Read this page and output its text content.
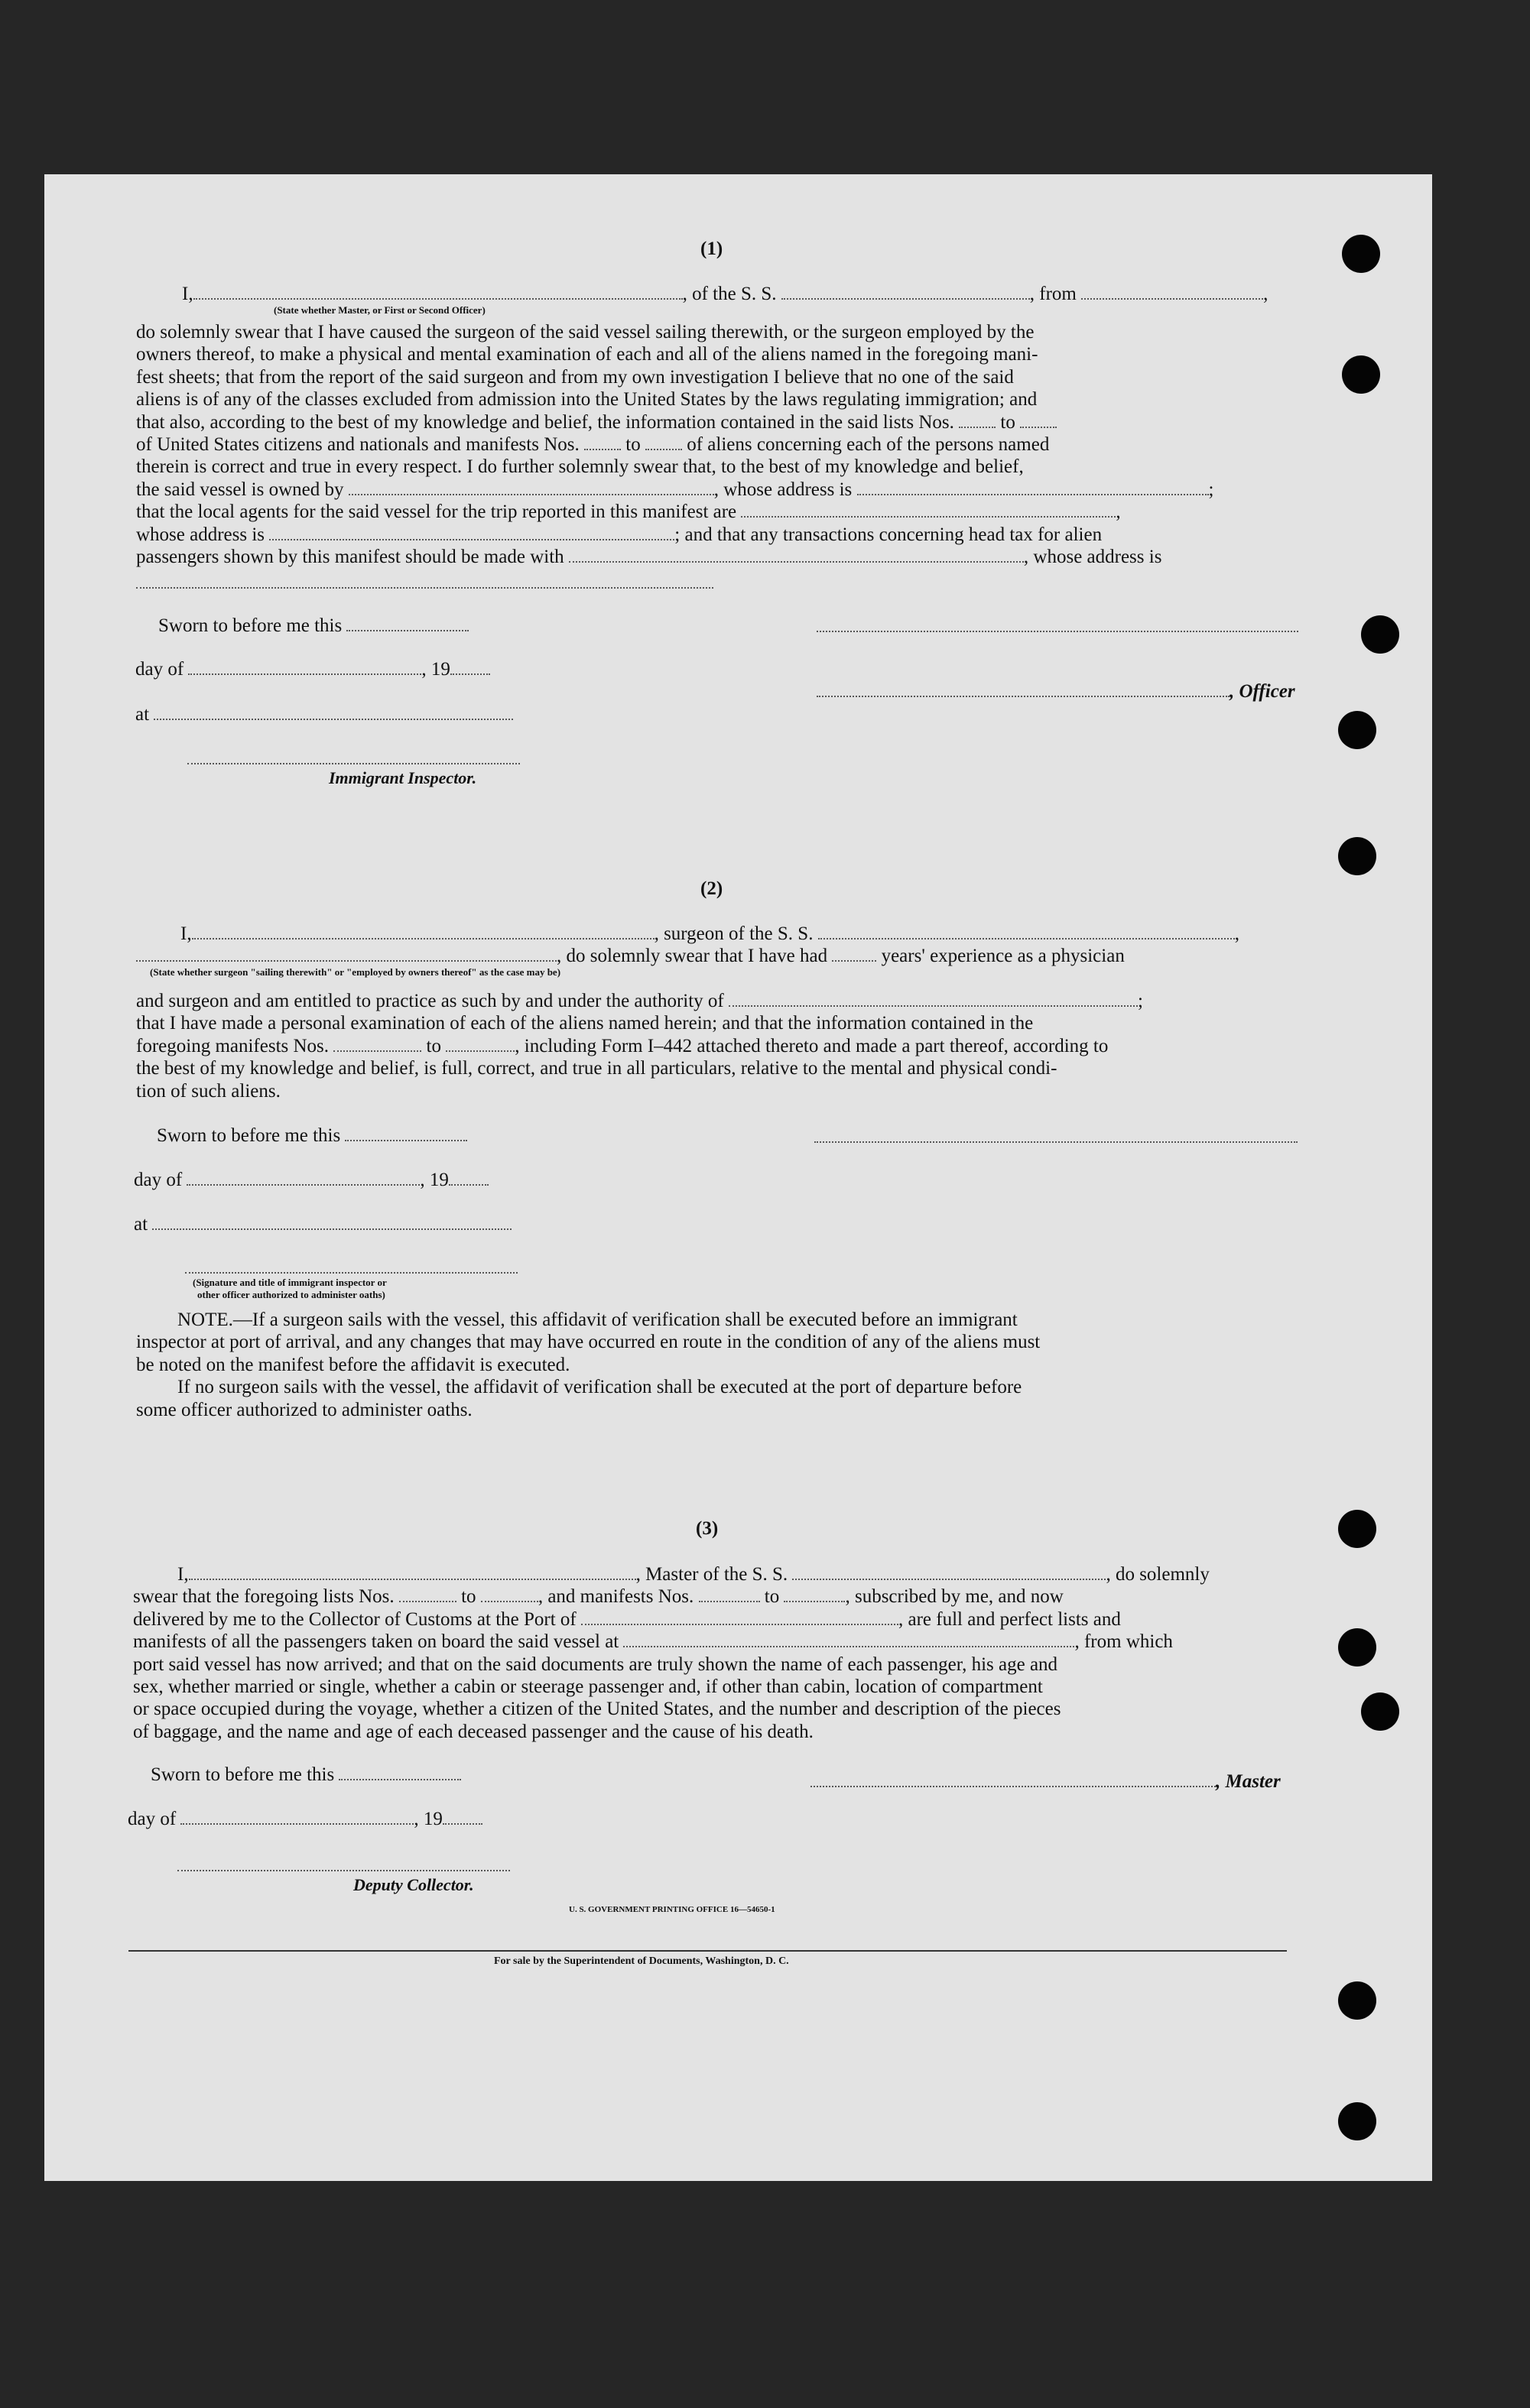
(1)
I,	, of the S. S.	, from	,
(State whether Master, or First or Second Officer)

do solemnly swear that I have caused the surgeon of the said vessel sailing therewith, or the surgeon employed by the

owners thereof, to make a physical and mental examination of each and all of the aliens named in the foregoing mani-

fest sheets; that from the report of the said surgeon and from my own investigation I believe that no one of the said

aliens is of any of the classes excluded from admission into the United States by the laws regulating immigration; and

that also, according to the best of my knowledge and belief, the information contained in the said lists Nos. to

of United States citizens and nationals and manifests Nos. to of aliens concerning each of the persons named

therein is correct and true in every respect. I do further solemnly swear that, to the best of my knowledge and belief,

the said vessel is owned by	, whose address is	;

that the local agents for the said vessel for the trip reported in this manifest are	,

whose address is	; and that any transactions concerning head tax for alien

passengers shown by this manifest should be made with	, whose address is

Sworn to before me this
day of	, 19
at
, Officer
Immigrant Inspector.
(2)
I,	, surgeon of the S. S.	,
, do solemnly swear that I have had	years' experience as a physician
(State whether surgeon "sailing therewith" or "employed by owners thereof" as the case may be)

and surgeon and am entitled to practice as such by and under the authority of	;

that I have made a personal examination of each of the aliens named herein; and that the information contained in the

foregoing manifests Nos.	to	, including Form I–442 attached thereto and made a part thereof, according to

the best of my knowledge and belief, is full, correct, and true in all particulars, relative to the mental and physical condi-

tion of such aliens.

Sworn to before me this
day of	, 19
at
(Signature and title of immigrant inspector or
other officer authorized to administer oaths)

NOTE.—If a surgeon sails with the vessel, this affidavit of verification shall be executed before an immigrant

inspector at port of arrival, and any changes that may have occurred en route in the condition of any of the aliens must

be noted on the manifest before the affidavit is executed.

If no surgeon sails with the vessel, the affidavit of verification shall be executed at the port of departure before

some officer authorized to administer oaths.

(3)

I,	, Master of the S. S.	, do solemnly

swear that the foregoing lists Nos.	to	, and manifests Nos.	to	, subscribed by me, and now

delivered by me to the Collector of Customs at the Port of	, are full and perfect lists and

manifests of all the passengers taken on board the said vessel at	, from which

port said vessel has now arrived; and that on the said documents are truly shown the name of each passenger, his age and

sex, whether married or single, whether a cabin or steerage passenger and, if other than cabin, location of compartment

or space occupied during the voyage, whether a citizen of the United States, and the number and description of the pieces

of baggage, and the name and age of each deceased passenger and the cause of his death.

Sworn to before me this	, Master
day of	, 19
Deputy Collector.
U. S. GOVERNMENT PRINTING OFFICE 16—54650-1
For sale by the Superintendent of Documents, Washington, D. C.
